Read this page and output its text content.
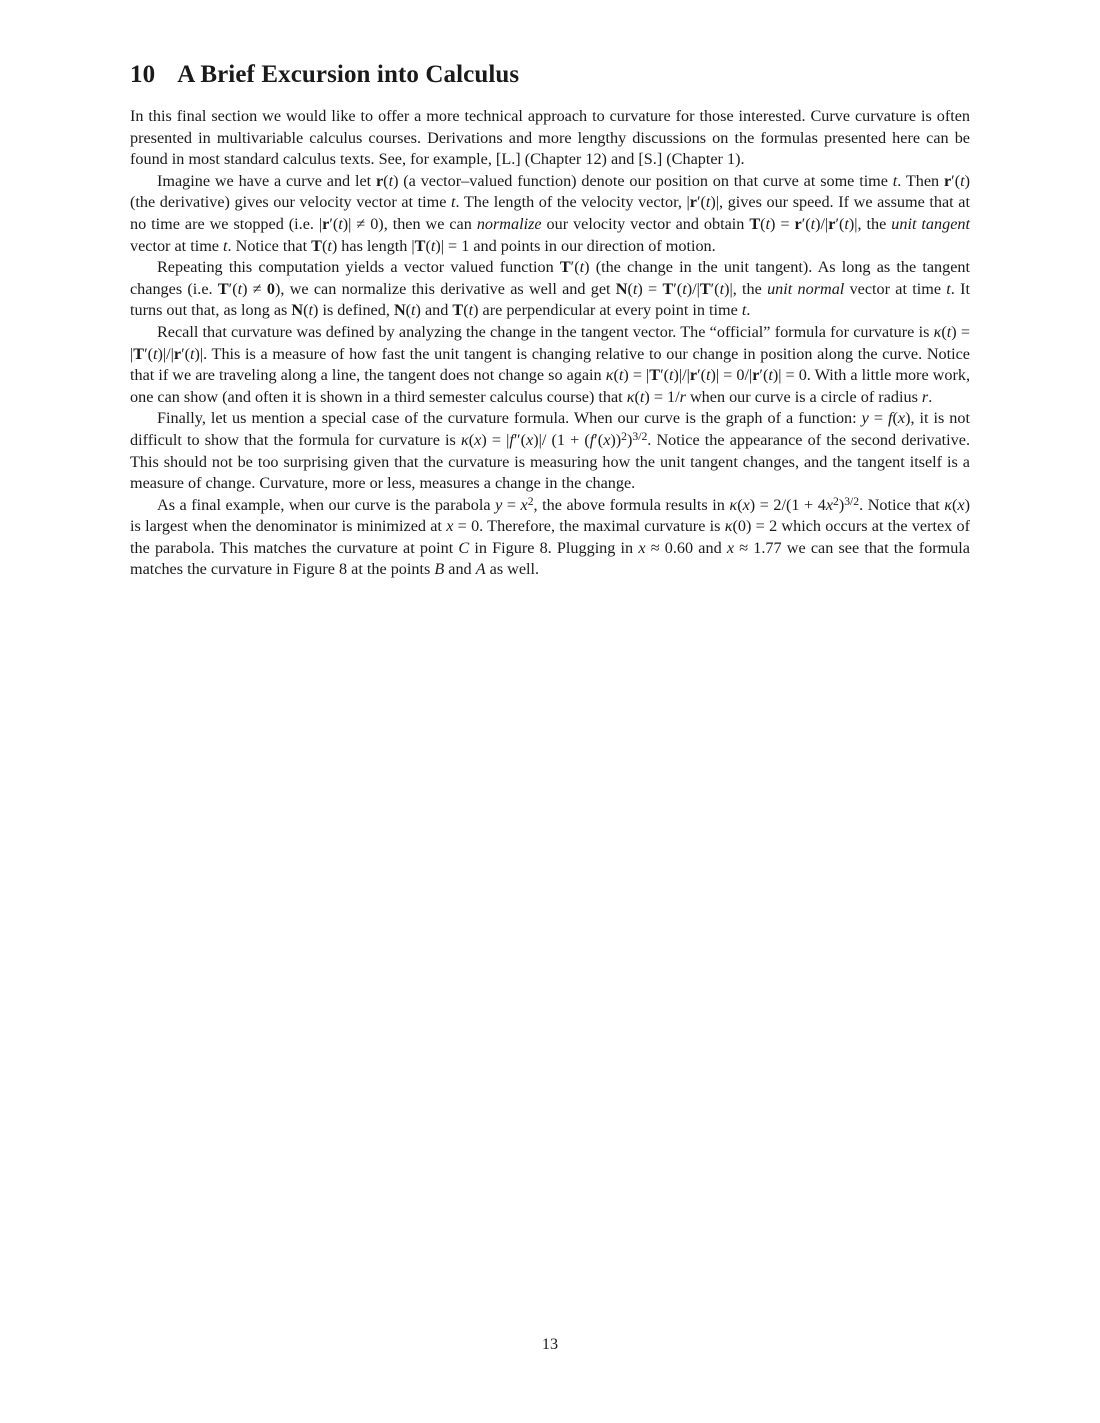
10 A Brief Excursion into Calculus

In this final section we would like to offer a more technical approach to curvature for those interested. Curve curvature is often presented in multivariable calculus courses. Derivations and more lengthy discussions on the formulas presented here can be found in most standard calculus texts. See, for example, [L.] (Chapter 12) and [S.] (Chapter 1).

Imagine we have a curve and let r(t) (a vector–valued function) denote our position on that curve at some time t. Then r′(t) (the derivative) gives our velocity vector at time t. The length of the velocity vector, |r′(t)|, gives our speed. If we assume that at no time are we stopped (i.e. |r′(t)| ≠ 0), then we can normalize our velocity vector and obtain T(t) = r′(t)/|r′(t)|, the unit tangent vector at time t. Notice that T(t) has length |T(t)| = 1 and points in our direction of motion.

Repeating this computation yields a vector valued function T′(t) (the change in the unit tangent). As long as the tangent changes (i.e. T′(t) ≠ 0), we can normalize this derivative as well and get N(t) = T′(t)/|T′(t)|, the unit normal vector at time t. It turns out that, as long as N(t) is defined, N(t) and T(t) are perpendicular at every point in time t.

Recall that curvature was defined by analyzing the change in the tangent vector. The “official” formula for curvature is κ(t) = |T′(t)|/|r′(t)|. This is a measure of how fast the unit tangent is changing relative to our change in position along the curve. Notice that if we are traveling along a line, the tangent does not change so again κ(t) = |T′(t)|/|r′(t)| = 0/|r′(t)| = 0. With a little more work, one can show (and often it is shown in a third semester calculus course) that κ(t) = 1/r when our curve is a circle of radius r.

Finally, let us mention a special case of the curvature formula. When our curve is the graph of a function: y = f(x), it is not difficult to show that the formula for curvature is κ(x) = |f″(x)|/ $(1 + (f'(x))^2)^{3/2}$. Notice the appearance of the second derivative. This should not be too surprising given that the curvature is measuring how the unit tangent changes, and the tangent itself is a measure of change. Curvature, more or less, measures a change in the change.

As a final example, when our curve is the parabola $y = x^2$, the above formula results in $\kappa(x) = 2/(1 + 4x^2)^{3/2}$. Notice that κ(x) is largest when the denominator is minimized at x = 0. Therefore, the maximal curvature is κ(0) = 2 which occurs at the vertex of the parabola. This matches the curvature at point C in Figure 8. Plugging in x ≈ 0.60 and x ≈ 1.77 we can see that the formula matches the curvature in Figure 8 at the points B and A as well.

13
